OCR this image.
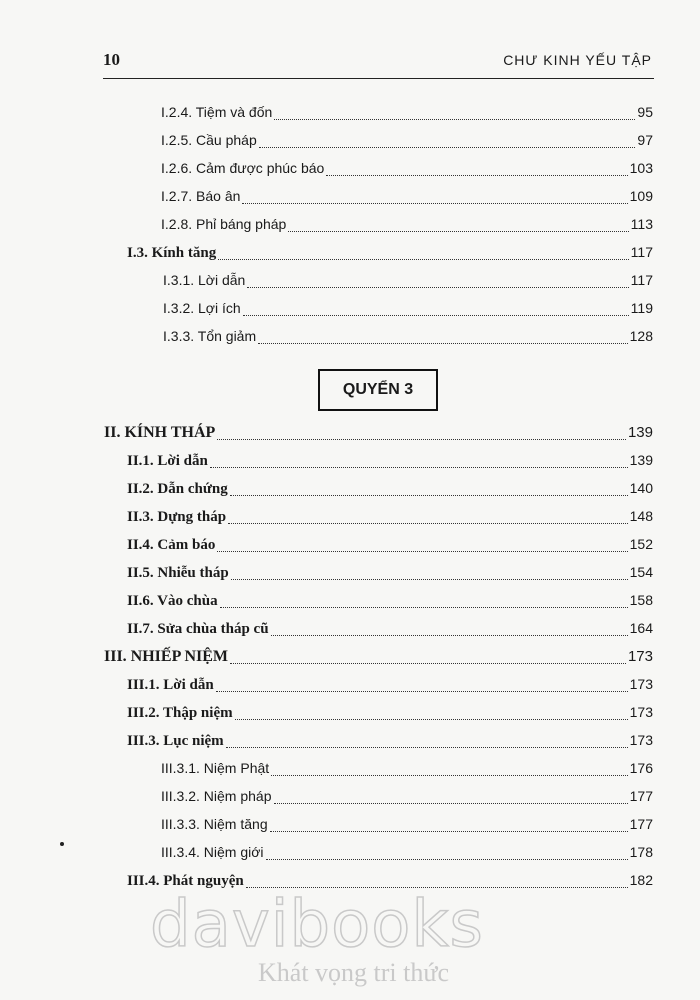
10	CHƯ KINH YẾU TẬP
I.2.4. Tiệm và đốn	95
I.2.5. Cầu pháp	97
I.2.6. Cảm được phúc báo	103
I.2.7. Báo ân	109
I.2.8. Phỉ báng pháp	113
I.3. Kính tăng	117
I.3.1. Lời dẫn	117
I.3.2. Lợi ích	119
I.3.3. Tổn giảm	128
QUYỂN 3
II. KÍNH THÁP	139
II.1. Lời dẫn	139
II.2. Dẫn chứng	140
II.3. Dựng tháp	148
II.4. Cảm báo	152
II.5. Nhiễu tháp	154
II.6. Vào chùa	158
II.7. Sửa chùa tháp cũ	164
III. NHIẾP NIỆM	173
III.1. Lời dẫn	173
III.2. Thập niệm	173
III.3. Lục niệm	173
III.3.1. Niệm Phật	176
III.3.2. Niệm pháp	177
III.3.3. Niệm tăng	177
III.3.4. Niệm giới	178
III.4. Phát nguyện	182
davibooks
Khát vọng tri thức
